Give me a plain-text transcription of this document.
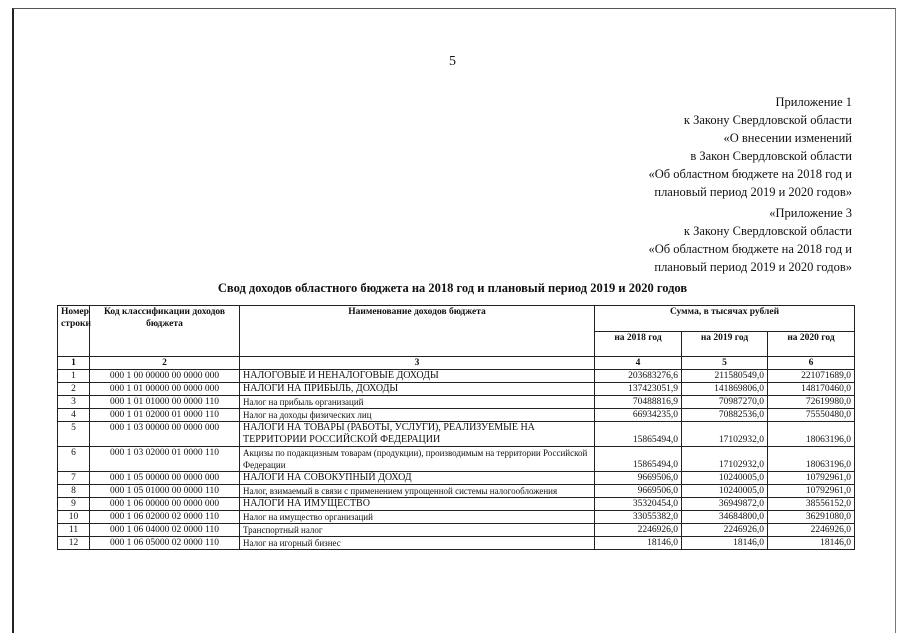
5
Приложение 1
к Закону Свердловской области
«О внесении изменений
в Закон Свердловской области
«Об областном бюджете на 2018 год и
плановый период 2019 и 2020 годов»
«Приложение 3
к Закону Свердловской области
«Об областном бюджете на 2018 год и
плановый период 2019 и 2020 годов»
Свод доходов областного бюджета на 2018 год и плановый период 2019 и 2020 годов
Номер строки	Код классификации доходов бюджета	Наименование доходов бюджета	Сумма, в тысячах рублей		
			на 2018 год	на 2019 год	на 2020 год
1	2	3	4	5	6
1	000 1 00 00000 00 0000 000	НАЛОГОВЫЕ И НЕНАЛОГОВЫЕ ДОХОДЫ	203683276,6	211580549,0	221071689,0
2	000 1 01 00000 00 0000 000	НАЛОГИ НА ПРИБЫЛЬ, ДОХОДЫ	137423051,9	141869806,0	148170460,0
3	000 1 01 01000 00 0000 110	Налог на прибыль организаций	70488816,9	70987270,0	72619980,0
4	000 1 01 02000 01 0000 110	Налог на доходы физических лиц	66934235,0	70882536,0	75550480,0
5	000 1 03 00000 00 0000 000	НАЛОГИ НА ТОВАРЫ (РАБОТЫ, УСЛУГИ), РЕАЛИЗУЕМЫЕ НА ТЕРРИТОРИИ РОССИЙСКОЙ ФЕДЕРАЦИИ	15865494,0	17102932,0	18063196,0
6	000 1 03 02000 01 0000 110	Акцизы по подакцизным товарам (продукции), производимым на территории Российской Федерации	15865494,0	17102932,0	18063196,0
7	000 1 05 00000 00 0000 000	НАЛОГИ НА СОВОКУПНЫЙ ДОХОД	9669506,0	10240005,0	10792961,0
8	000 1 05 01000 00 0000 110	Налог, взимаемый в связи с применением упрощенной системы налогообложения	9669506,0	10240005,0	10792961,0
9	000 1 06 00000 00 0000 000	НАЛОГИ НА ИМУЩЕСТВО	35320454,0	36949872,0	38556152,0
10	000 1 06 02000 02 0000 110	Налог на имущество организаций	33055382,0	34684800,0	36291080,0
11	000 1 06 04000 02 0000 110	Транспортный налог	2246926,0	2246926,0	2246926,0
12	000 1 06 05000 02 0000 110	Налог на игорный бизнес	18146,0	18146,0	18146,0
